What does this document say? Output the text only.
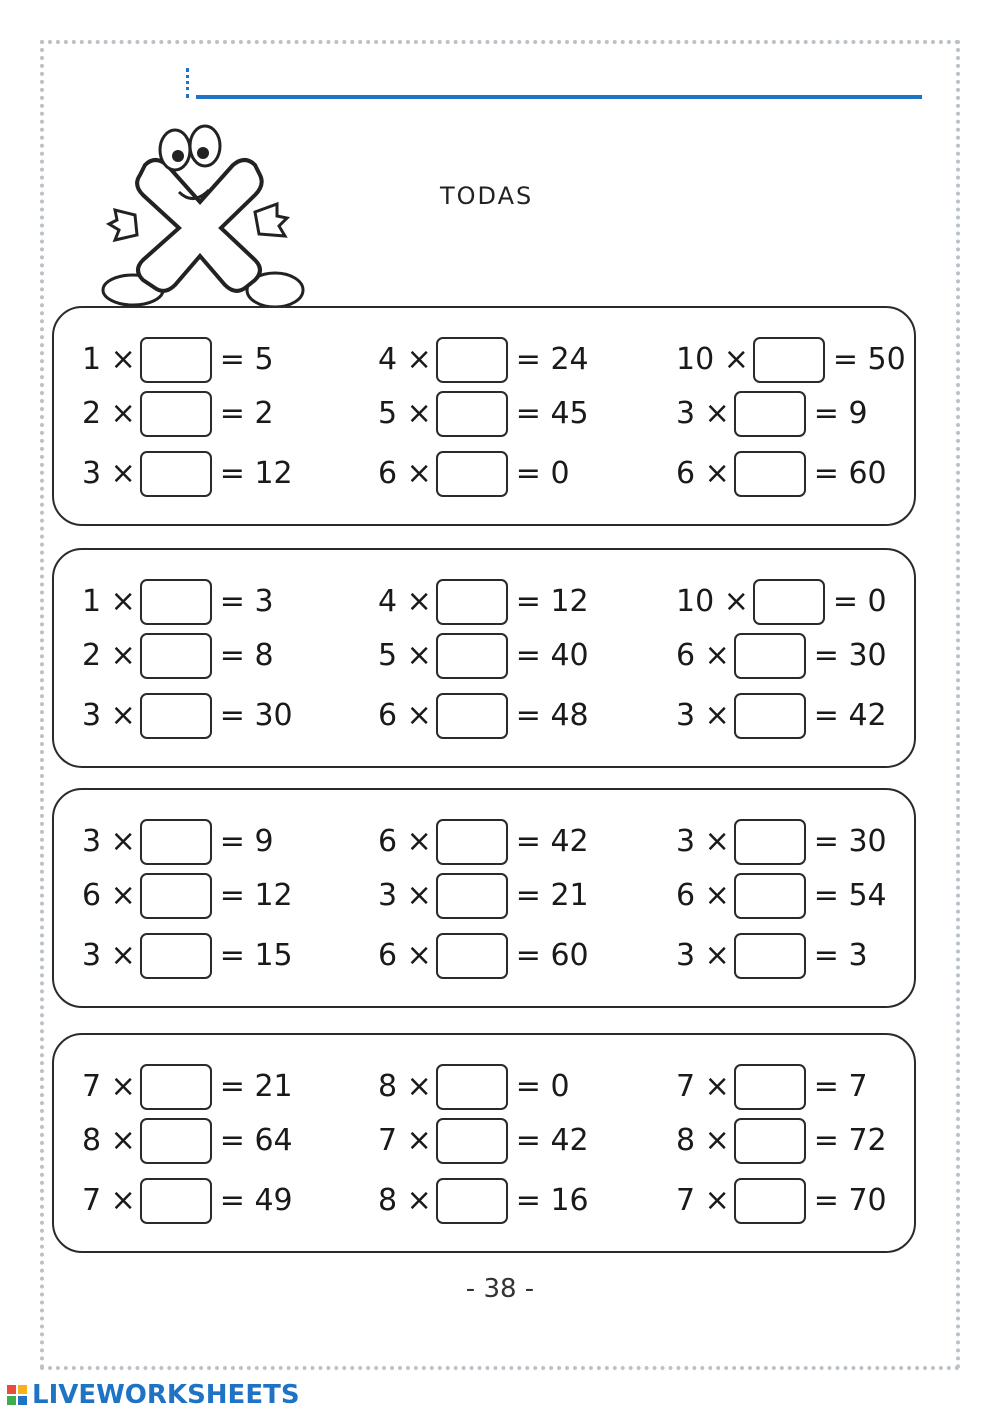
TODAS
1 ×	= 5
2 ×	= 2
3 ×	= 12
4 ×	= 24
5 ×	= 45
6 ×	= 0
10 ×	= 50
3 ×	= 9
6 ×	= 60
1 ×	= 3
2 ×	= 8
3 ×	= 30
4 ×	= 12
5 ×	= 40
6 ×	= 48
10 ×	= 0
6 ×	= 30
3 ×	= 42
3 ×	= 9
6 ×	= 12
3 ×	= 15
6 ×	= 42
3 ×	= 21
6 ×	= 60
3 ×	= 30
6 ×	= 54
3 ×	= 3
7 ×	= 21
8 ×	= 64
7 ×	= 49
8 ×	= 0
7 ×	= 42
8 ×	= 16
7 ×	= 7
8 ×	= 72
7 ×	= 70
- 38 -
LIVEWORKSHEETS
